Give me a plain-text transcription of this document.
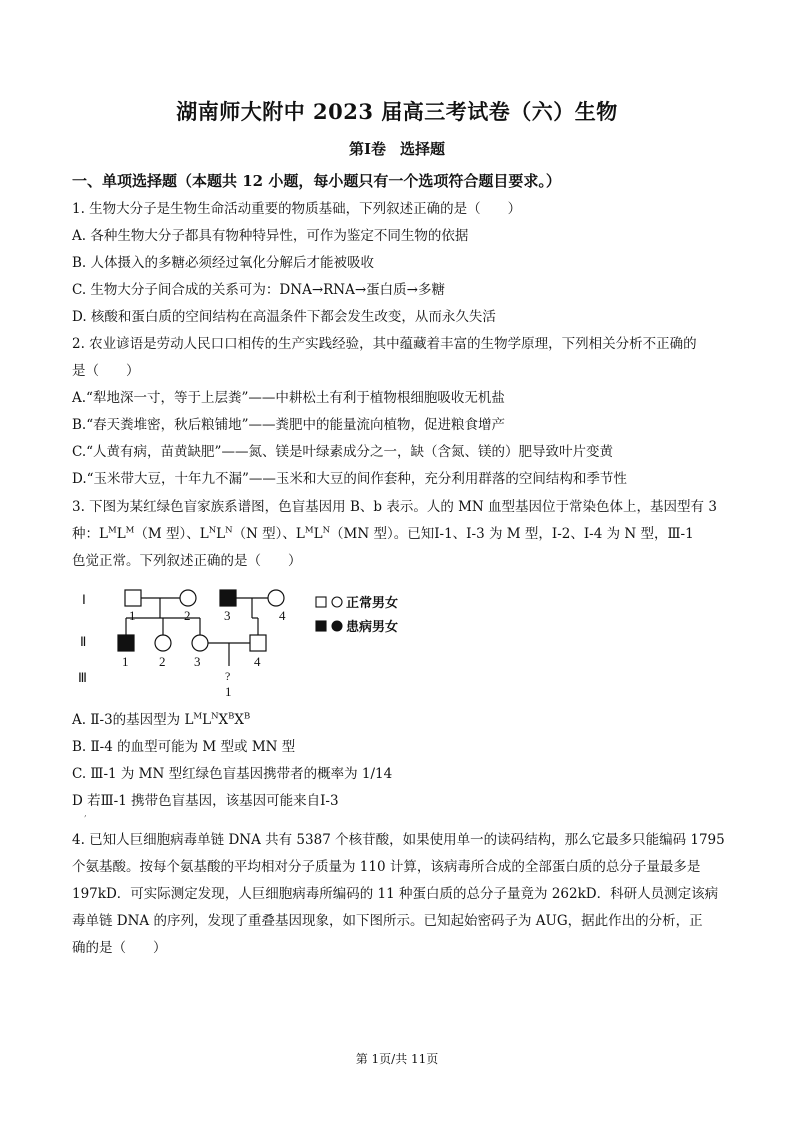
湖南师大附中 2023 届高三考试卷（六）生物
第Ⅰ卷 选择题
一、单项选择题（本题共 12 小题，每小题只有一个选项符合题目要求。）
1. 生物大分子是生物生命活动重要的物质基础，下列叙述正确的是（　　）
A. 各种生物大分子都具有物种特异性，可作为鉴定不同生物的依据
B. 人体摄入的多糖必须经过氧化分解后才能被吸收
C. 生物大分子间合成的关系可为：DNA→RNA→蛋白质→多糖
D. 核酸和蛋白质的空间结构在高温条件下都会发生改变，从而永久失活
2. 农业谚语是劳动人民口口相传的生产实践经验，其中蕴藏着丰富的生物学原理，下列相关分析不正确的
是（　　）
A.“犁地深一寸，等于上层粪”——中耕松土有利于植物根细胞吸收无机盐
B.“春天粪堆密，秋后粮铺地”——粪肥中的能量流向植物，促进粮食增产
C.“人黄有病，苗黄缺肥”——氮、镁是叶绿素成分之一，缺（含氮、镁的）肥导致叶片变黄
D.“玉米带大豆，十年九不漏”——玉米和大豆的间作套种，充分利用群落的空间结构和季节性
3. 下图为某红绿色盲家族系谱图，色盲基因用 B、b 表示。人的 MN 血型基因位于常染色体上，基因型有 3
种：$L^ML^M(M$ 型）、$L^NL^N(N$ 型）、$L^ML^N(MN$ 型）。已知Ⅰ-1、Ⅰ-3 为 M 型，Ⅰ-2、Ⅰ-4 为 N 型，Ⅲ-1
色觉正常。下列叙述正确的是（　　）
Ⅰ
Ⅱ
Ⅲ
1	2	3	4
1 2 3	4
?
1
正常男女
患病男女
A. Ⅱ-3的基因型为 $L^ML^NX^BX^B$
B. Ⅱ-4 的血型可能为 M 型或 MN 型
C. Ⅲ-1 为 MN 型红绿色盲基因携带者的概率为 1/14
D 若Ⅲ-1 携带色盲基因，该基因可能来自Ⅰ-3
,
4. 已知人巨细胞病毒单链 DNA 共有 5387 个核苷酸，如果使用单一的读码结构，那么它最多只能编码 1795
个氨基酸。按每个氨基酸的平均相对分子质量为 110 计算，该病毒所合成的全部蛋白质的总分子量最多是
197kD．可实际测定发现，人巨细胞病毒所编码的 11 种蛋白质的总分子量竟为 262kD．科研人员测定该病
毒单链 DNA 的序列，发现了重叠基因现象，如下图所示。已知起始密码子为 AUG，据此作出的分析，正
确的是（　　）
第 1页/共 11页
